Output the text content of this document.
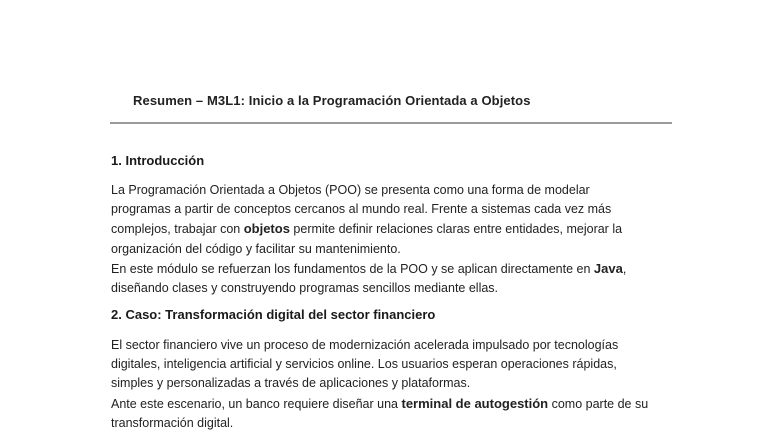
Resumen – M3L1: Inicio a la Programación Orientada a Objetos
1. Introducción
La Programación Orientada a Objetos (POO) se presenta como una forma de modelar
programas a partir de conceptos cercanos al mundo real. Frente a sistemas cada vez más
complejos, trabajar con objetos permite definir relaciones claras entre entidades, mejorar la
organización del código y facilitar su mantenimiento.
En este módulo se refuerzan los fundamentos de la POO y se aplican directamente en Java,
diseñando clases y construyendo programas sencillos mediante ellas.
2. Caso: Transformación digital del sector financiero
El sector financiero vive un proceso de modernización acelerada impulsado por tecnologías
digitales, inteligencia artificial y servicios online. Los usuarios esperan operaciones rápidas,
simples y personalizadas a través de aplicaciones y plataformas.
Ante este escenario, un banco requiere diseñar una terminal de autogestión como parte de su
transformación digital.
